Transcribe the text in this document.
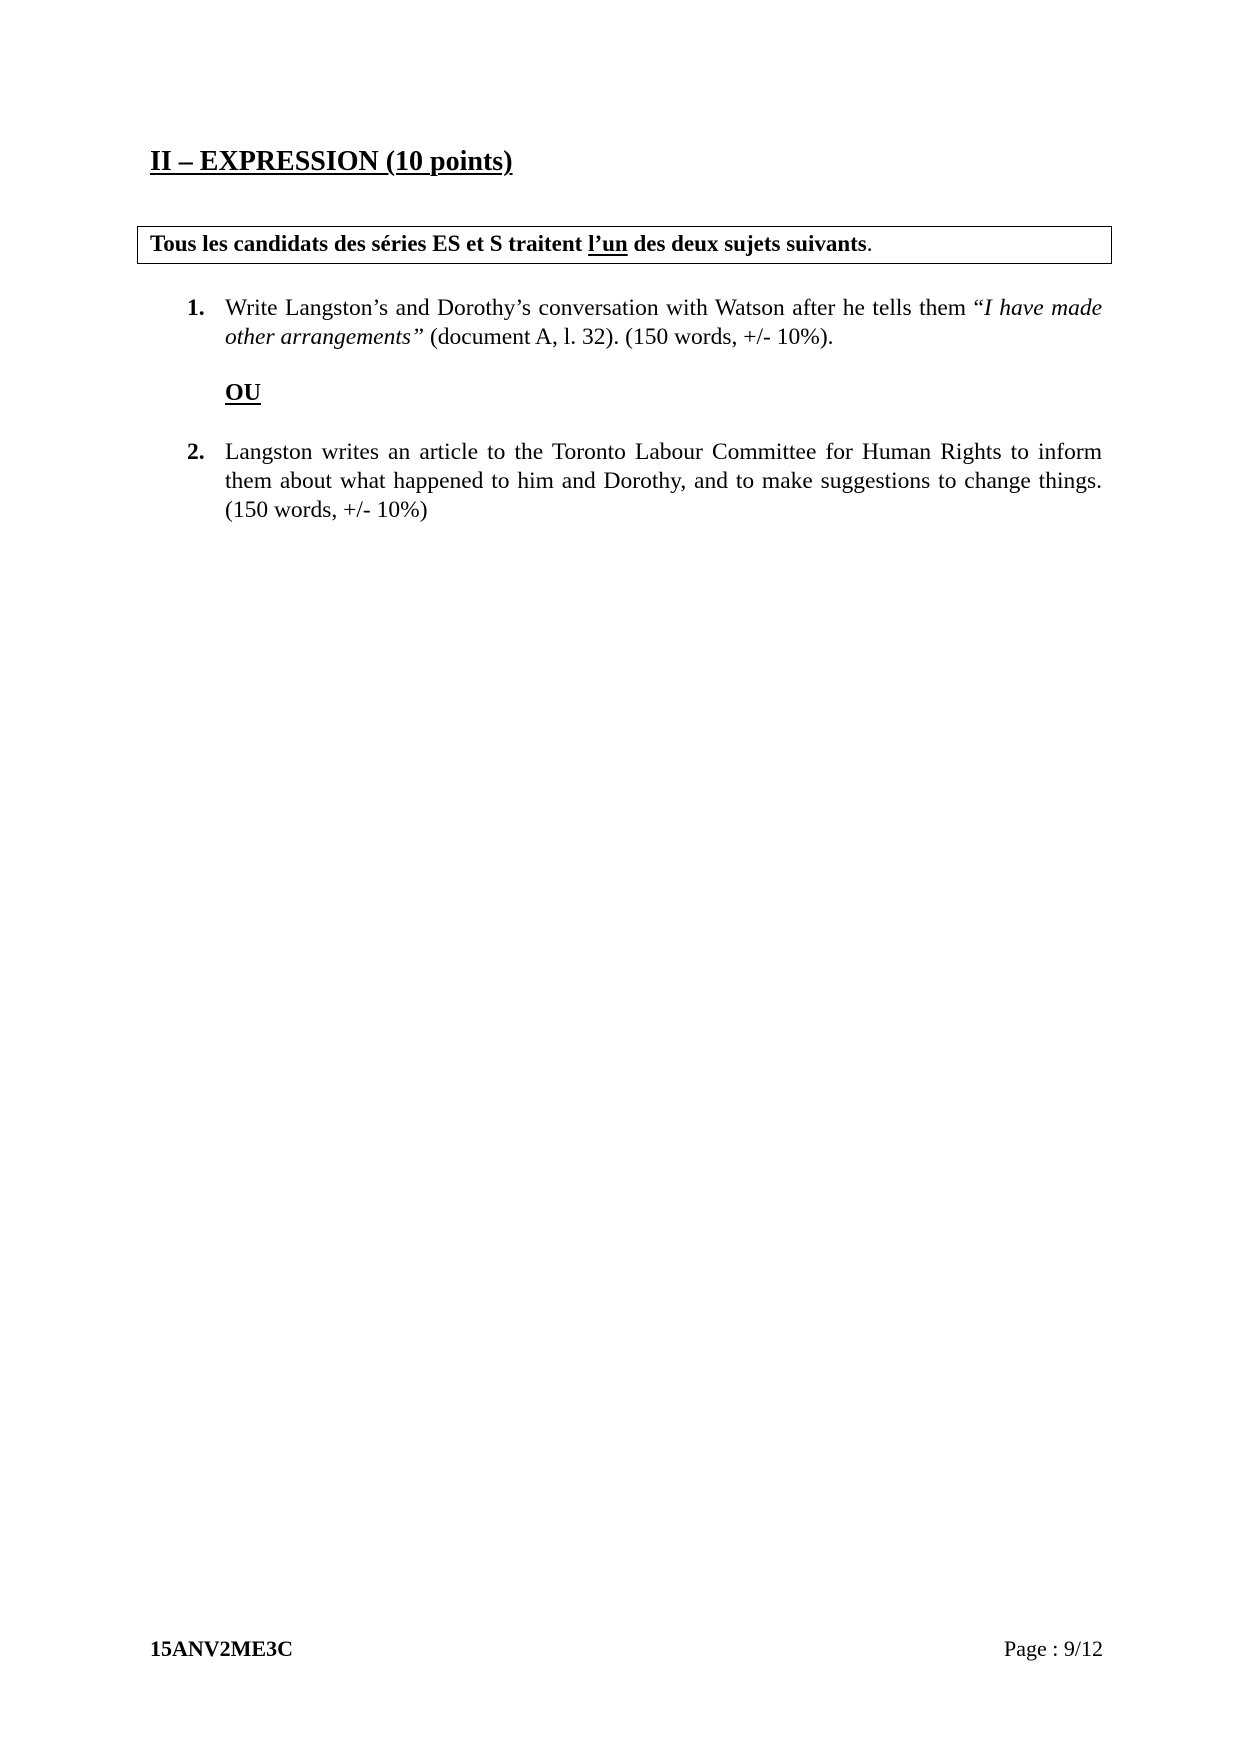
II – EXPRESSION (10 points)
Tous les candidats des séries ES et S traitent l’un des deux sujets suivants.
1. Write Langston’s and Dorothy’s conversation with Watson after he tells them “I have made other arrangements” (document A, l. 32). (150 words, +/- 10%).
OU
2. Langston writes an article to the Toronto Labour Committee for Human Rights to inform them about what happened to him and Dorothy, and to make suggestions to change things. (150 words, +/- 10%)
15ANV2ME3C	Page : 9/12
